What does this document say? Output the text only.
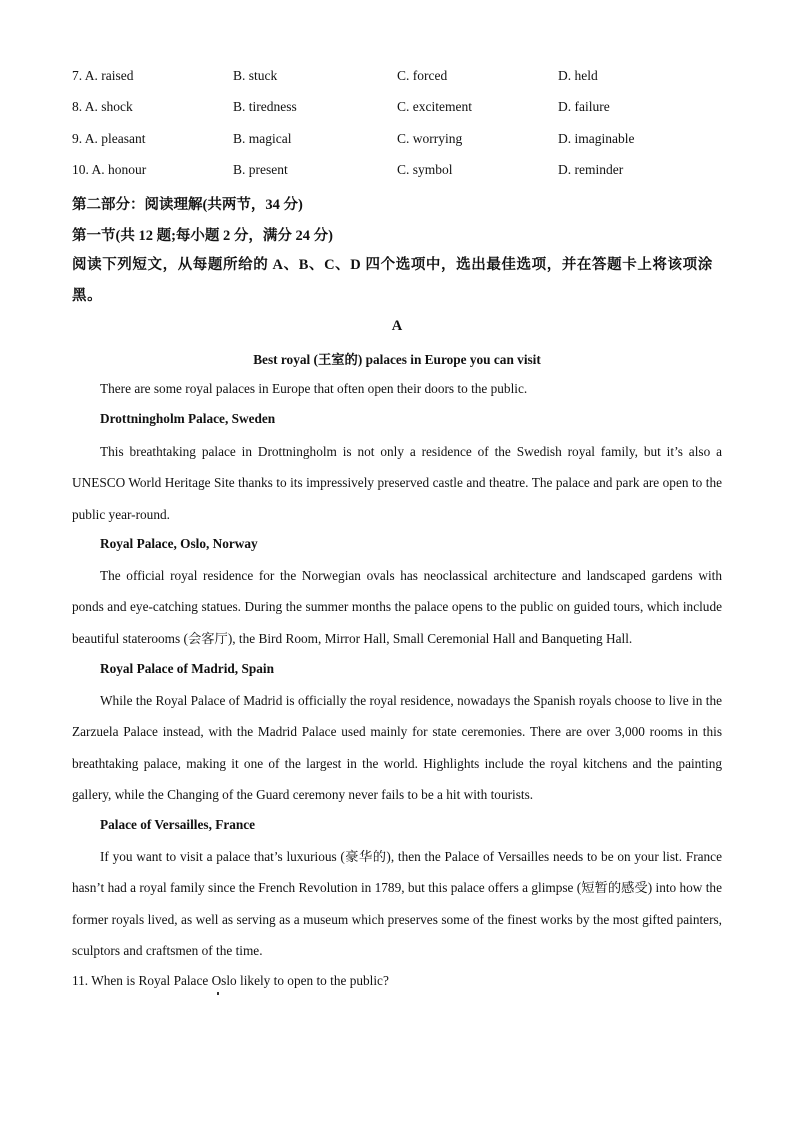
7. A. raised	B. stuck	C. forced	D. held
8. A. shock	B. tiredness	C. excitement	D. failure
9. A. pleasant	B. magical	C. worrying	D. imaginable
10. A. honour	B. present	C. symbol	D. reminder
第二部分：阅读理解(共两节，34 分)
第一节(共 12 题;每小题 2 分，满分 24 分)
阅读下列短文，从每题所给的 A、B、C、D 四个选项中，选出最佳选项，并在答题卡上将该项涂黑。
A
Best royal (王室的) palaces in Europe you can visit

There are some royal palaces in Europe that often open their doors to the public.

Drottningholm Palace, Sweden

This breathtaking palace in Drottningholm is not only a residence of the Swedish royal family, but it’s also a UNESCO World Heritage Site thanks to its impressively preserved castle and theatre. The palace and park are open to the public year-round.

Royal Palace, Oslo, Norway

The official royal residence for the Norwegian ovals has neoclassical architecture and landscaped gardens with ponds and eye-catching statues. During the summer months the palace opens to the public on guided tours, which include beautiful staterooms (会客厅), the Bird Room, Mirror Hall, Small Ceremonial Hall and Banqueting Hall.

Royal Palace of Madrid, Spain

While the Royal Palace of Madrid is officially the royal residence, nowadays the Spanish royals choose to live in the Zarzuela Palace instead, with the Madrid Palace used mainly for state ceremonies. There are over 3,000 rooms in this breathtaking palace, making it one of the largest in the world. Highlights include the royal kitchens and the painting gallery, while the Changing of the Guard ceremony never fails to be a hit with tourists.

Palace of Versailles, France

If you want to visit a palace that’s luxurious (豪华的), then the Palace of Versailles needs to be on your list. France hasn’t had a royal family since the French Revolution in 1789, but this palace offers a glimpse (短暂的感受) into how the former royals lived, as well as serving as a museum which preserves some of the finest works by the most gifted painters, sculptors and craftsmen of the time.

11. When is Royal Palace Oslo likely to open to the public?
